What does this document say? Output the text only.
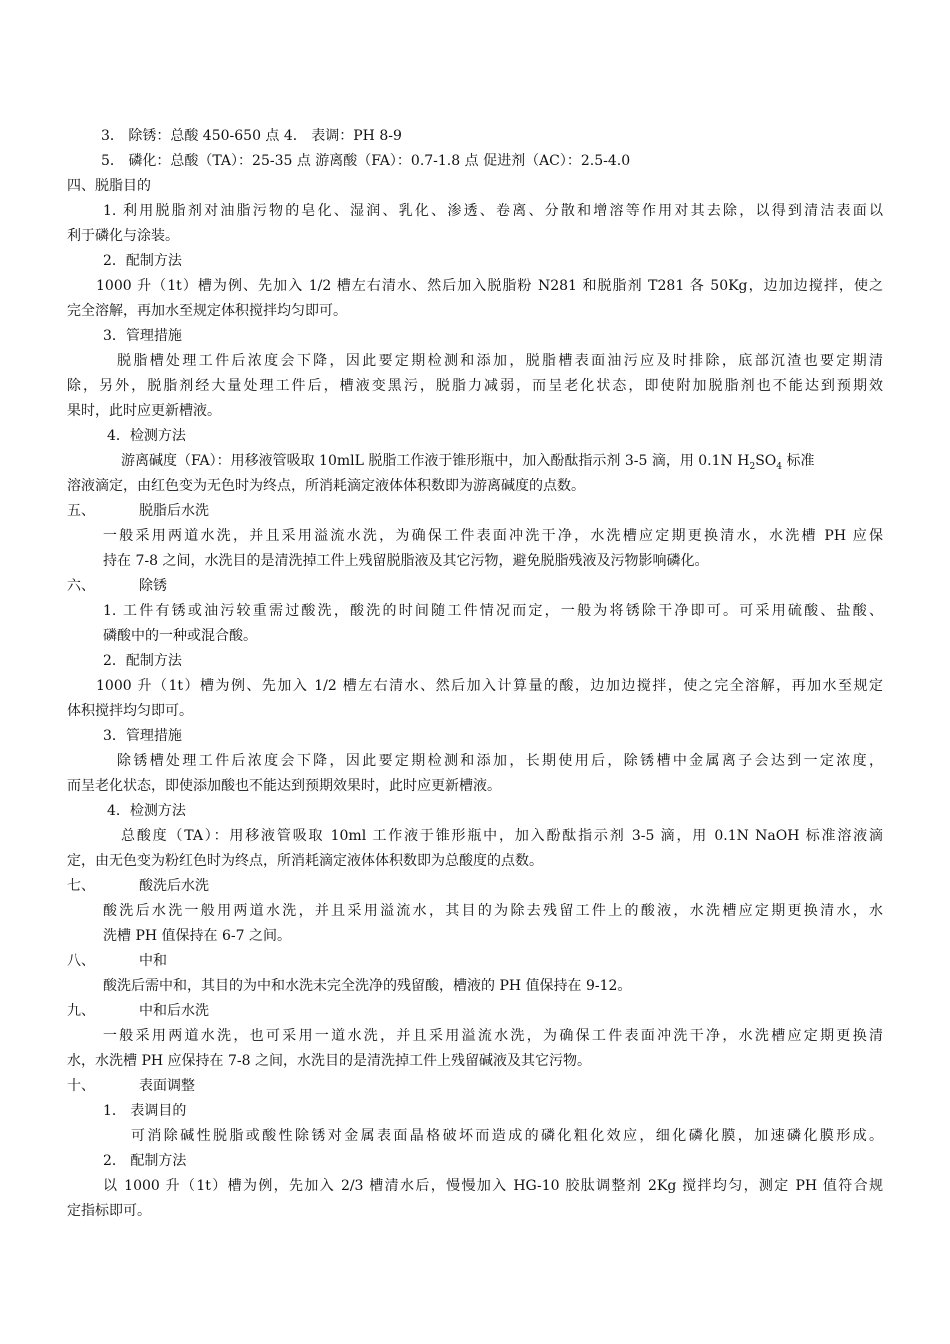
3． 除锈：总酸 450-650 点 4． 表调：PH 8-9
5． 磷化：总酸（TA）：25-35 点 游离酸（FA）：0.7-1.8 点 促进剂（AC）：2.5-4.0
四、脱脂目的
1. 利用脱脂剂对油脂污物的皂化、湿润、乳化、渗透、卷离、分散和增溶等作用对其去除，以得到清洁表面以
利于磷化与涂装。
2．配制方法
1000 升（1t）槽为例、先加入 1/2 槽左右清水、然后加入脱脂粉 N281 和脱脂剂 T281 各 50Kg，边加边搅拌，使之
完全溶解，再加水至规定体积搅拌均匀即可。
3．管理措施
脱脂槽处理工件后浓度会下降，因此要定期检测和添加，脱脂槽表面油污应及时排除，底部沉渣也要定期清
除，另外，脱脂剂经大量处理工件后，槽液变黑污，脱脂力减弱，而呈老化状态，即使附加脱脂剂也不能达到预期效
果时，此时应更新槽液。
4．检测方法
游离碱度（FA）：用移液管吸取 10mlL 脱脂工作液于锥形瓶中，加入酚酞指示剂 3-5 滴，用 0.1N $H_2SO_4$ 标准
溶液滴定，由红色变为无色时为终点，所消耗滴定液体体积数即为游离碱度的点数。
五、	脱脂后水洗
一般采用两道水洗，并且采用溢流水洗，为确保工件表面冲洗干净，水洗槽应定期更换清水，水洗槽 PH 应保
持在 7-8 之间，水洗目的是清洗掉工件上残留脱脂液及其它污物，避免脱脂残液及污物影响磷化。
六、	除锈
1. 工件有锈或油污较重需过酸洗，酸洗的时间随工件情况而定，一般为将锈除干净即可。可采用硫酸、盐酸、
磷酸中的一种或混合酸。
2．配制方法
1000 升（1t）槽为例、先加入 1/2 槽左右清水、然后加入计算量的酸，边加边搅拌，使之完全溶解，再加水至规定
体积搅拌均匀即可。
3．管理措施
除锈槽处理工件后浓度会下降，因此要定期检测和添加，长期使用后，除锈槽中金属离子会达到一定浓度，
而呈老化状态，即使添加酸也不能达到预期效果时，此时应更新槽液。
4．检测方法
总酸度（TA）：用移液管吸取 10ml 工作液于锥形瓶中，加入酚酞指示剂 3-5 滴，用 0.1N NaOH 标准溶液滴
定，由无色变为粉红色时为终点，所消耗滴定液体体积数即为总酸度的点数。
七、	酸洗后水洗
酸洗后水洗一般用两道水洗，并且采用溢流水，其目的为除去残留工件上的酸液，水洗槽应定期更换清水，水
洗槽 PH 值保持在 6-7 之间。
八、	中和
酸洗后需中和，其目的为中和水洗未完全洗净的残留酸，槽液的 PH 值保持在 9-12。
九、	中和后水洗
一般采用两道水洗，也可采用一道水洗，并且采用溢流水洗，为确保工件表面冲洗干净，水洗槽应定期更换清
水，水洗槽 PH 应保持在 7-8 之间，水洗目的是清洗掉工件上残留碱液及其它污物。
十、	表面调整
1． 表调目的
可消除碱性脱脂或酸性除锈对金属表面晶格破坏而造成的磷化粗化效应，细化磷化膜，加速磷化膜形成。
2． 配制方法
以 1000 升（1t）槽为例，先加入 2/3 槽清水后，慢慢加入 HG-10 胶肽调整剂 2Kg 搅拌均匀，测定 PH 值符合规
定指标即可。
